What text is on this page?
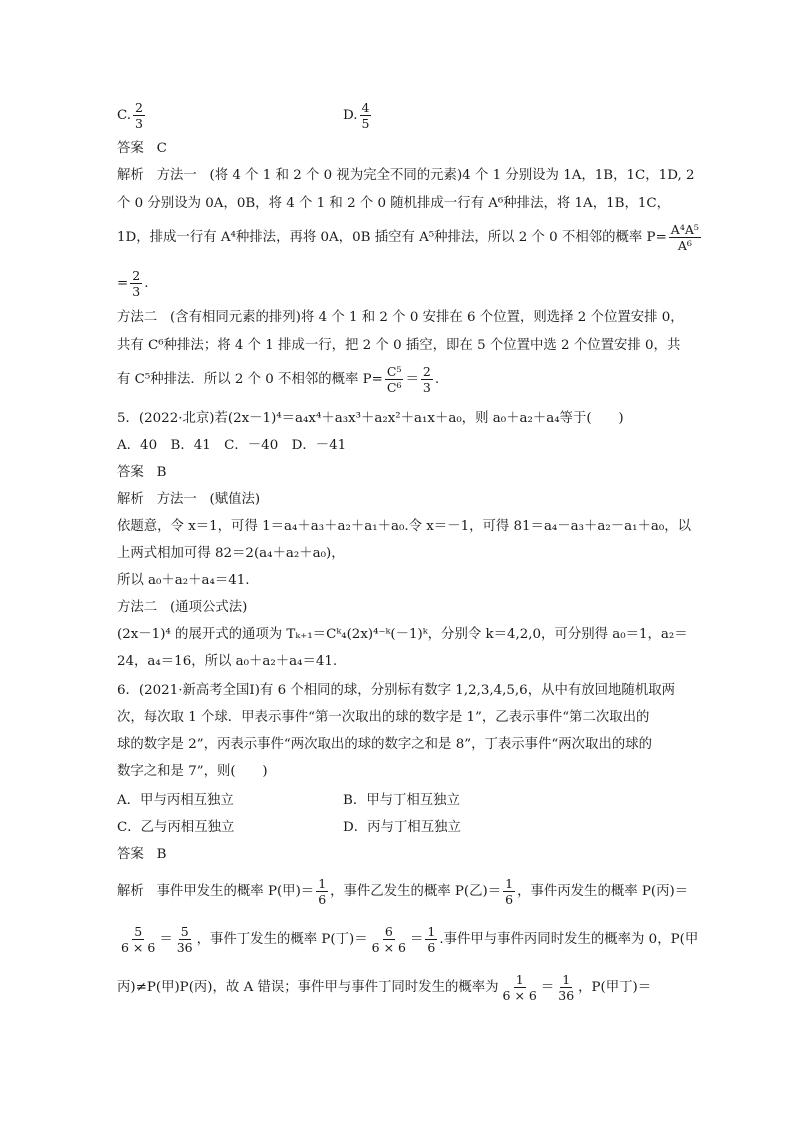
C. $\frac{2}{3}$	D. $\frac{4}{5}$
答案 C
解析 方法一 (将 4 个 1 和 2 个 0 视为完全不同的元素)4 个 1 分别设为 1A，1B，1C，1D, 2
个 0 分别设为 0A，0B，将 4 个 1 和 2 个 0 随机排成一行有 A⁶种排法，将 1A，1B，1C，
1D，排成一行有 A⁴种排法，再将 0A，0B 插空有 A⁵种排法，所以 2 个 0 不相邻的概率 $P= \frac{\text{A⁴A⁵}}{\text{A⁶}}$
= $\frac{2}{3}$ .
方法二 (含有相同元素的排列)将 4 个 1 和 2 个 0 安排在 6 个位置，则选择 2 个位置安排 0，
共有 C⁶种排法；将 4 个 1 排成一行，把 2 个 0 插空，即在 5 个位置中选 2 个位置安排 0，共
有 C⁵种排法．所以 2 个 0 不相邻的概率 $P= \frac{\text{C⁵}}{\text{C⁶}} = \frac{2}{3}$ .
5．(2022·北京)若(2x－1)⁴＝a₄x⁴＋a₃x³＋a₂x²＋a₁x＋a₀，则 a₀＋a₂＋a₄等于(　　)
A．40　B．41　C．－40　D．－41
答案 B
解析 方法一 (赋值法)
依题意，令 x＝1，可得 1＝a₄＋a₃＋a₂＋a₁＋a₀.令 x＝－1，可得 81＝a₄－a₃＋a₂－a₁＋a₀，以
上两式相加可得 82＝2(a₄＋a₂＋a₀)，
所以 a₀＋a₂＋a₄＝41.
方法二 (通项公式法)
(2x－1)⁴ 的展开式的通项为 Tₖ₊₁＝Cᵏ₄(2x)⁴⁻ᵏ(－1)ᵏ，分别令 k＝4,2,0，可分别得 a₀＝1，a₂＝
24，a₄＝16，所以 a₀＋a₂＋a₄＝41.
6．(2021·新高考全国Ⅰ)有 6 个相同的球，分别标有数字 1,2,3,4,5,6，从中有放回地随机取两
次，每次取 1 个球．甲表示事件“第一次取出的球的数字是 1”，乙表示事件“第二次取出的
球的数字是 2”，丙表示事件“两次取出的球的数字之和是 8”，丁表示事件“两次取出的球的
数字之和是 7”，则(　　)
A．甲与丙相互独立	B．甲与丁相互独立
C．乙与丙相互独立	D．丙与丁相互独立
答案 B
解析 事件甲发生的概率 P(甲)＝ $\frac{1}{6}$ ，事件乙发生的概率 P(乙)＝ $\frac{1}{6}$ ，事件丙发生的概率 P(丙)＝
$\frac{5}{6 \times 6} = \frac{5}{36}$ ，事件丁发生的概率 P(丁)＝ $\frac{6}{6 \times 6} = \frac{1}{6}$ .事件甲与事件丙同时发生的概率为 0，P(甲
丙)≠P(甲)P(丙)，故 A 错误；事件甲与事件丁同时发生的概率为 $\frac{1}{6 \times 6} = \frac{1}{36}$ ，P(甲丁)＝
